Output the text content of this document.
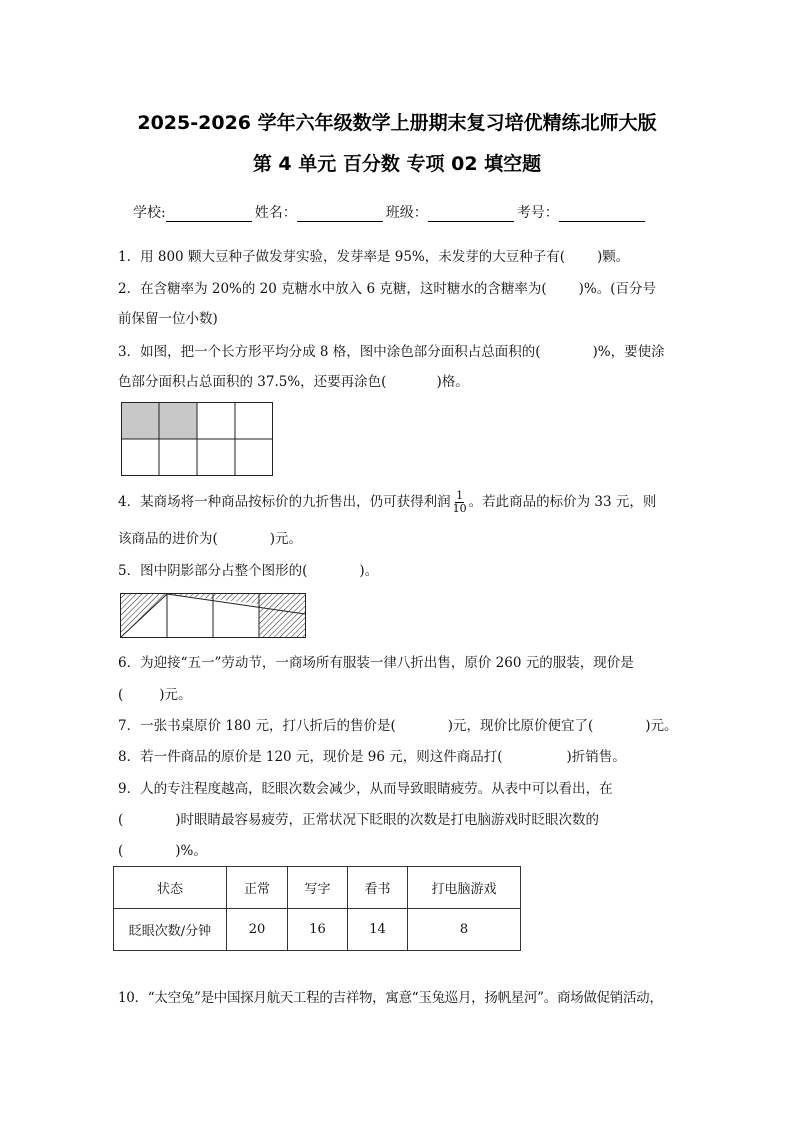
2025-2026 学年六年级数学上册期末复习培优精练北师大版
第 4 单元 百分数 专项 02 填空题
学校:	姓名：	班级：	考号：
1．用 800 颗大豆种子做发芽实验，发芽率是 95%，未发芽的大豆种子有( )颗。
2．在含糖率为 20%的 20 克糖水中放入 6 克糖，这时糖水的含糖率为( )%。(百分号
前保留一位小数)
3．如图，把一个长方形平均分成 8 格，图中涂色部分面积占总面积的(	)%，要使涂
色部分面积占总面积的 37.5%，还要再涂色(	)格。
4．某商场将一种商品按标价的九折售出，仍可获得利润 $\frac{1}{10}$ 。若此商品的标价为 33 元，则
该商品的进价为(	)元。
5．图中阴影部分占整个图形的(	)。
6．为迎接“五一”劳动节，一商场所有服装一律八折出售，原价 260 元的服装，现价是
(	)元。
7．一张书桌原价 180 元，打八折后的售价是(	)元，现价比原价便宜了(	)元。
8．若一件商品的原价是 120 元，现价是 96 元，则这件商品打(	)折销售。
9．人的专注程度越高，眨眼次数会减少，从而导致眼睛疲劳。从表中可以看出，在
(	)时眼睛最容易疲劳，正常状况下眨眼的次数是打电脑游戏时眨眼次数的
(	)%。
状态	正常	写字	看书	打电脑游戏
眨眼次数/分钟	20	16	14	8
10．“太空兔”是中国探月航天工程的吉祥物，寓意“玉兔巡月，扬帆星河”。商场做促销活动，
